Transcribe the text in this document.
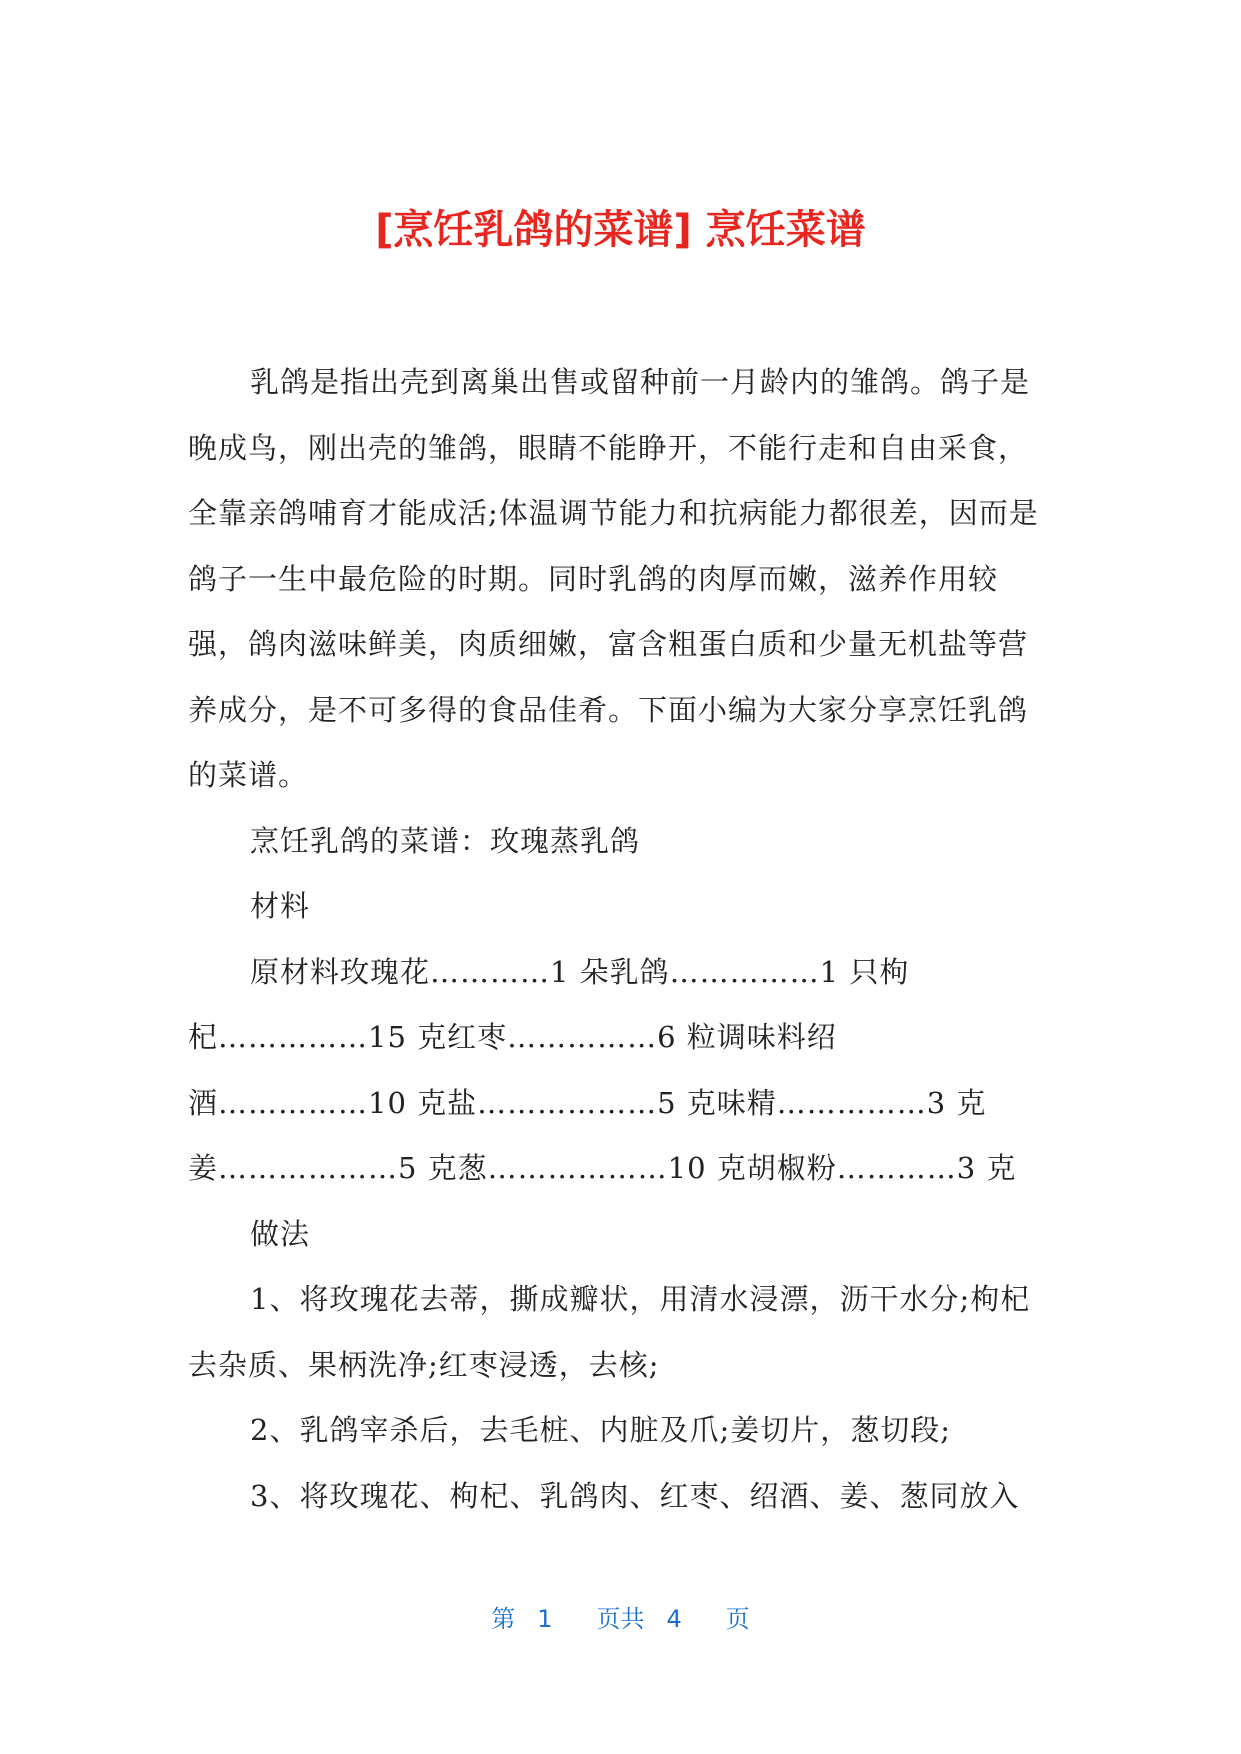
[烹饪乳鸽的菜谱] 烹饪菜谱

乳鸽是指出壳到离巢出售或留种前一月龄内的雏鸽。鸽子是晚成鸟，刚出壳的雏鸽，眼睛不能睁开，不能行走和自由采食，全靠亲鸽哺育才能成活;体温调节能力和抗病能力都很差，因而是鸽子一生中最危险的时期。同时乳鸽的肉厚而嫩，滋养作用较强，鸽肉滋味鲜美，肉质细嫩，富含粗蛋白质和少量无机盐等营养成分，是不可多得的食品佳肴。下面小编为大家分享烹饪乳鸽的菜谱。

烹饪乳鸽的菜谱：玫瑰蒸乳鸽

材料

原材料玫瑰花…………1 朵乳鸽……………1 只枸

杞……………15 克红枣……………6 粒调味料绍

酒……………10 克盐………………5 克味精……………3 克

姜………………5 克葱………………10 克胡椒粉…………3 克

做法

1、将玫瑰花去蒂，撕成瓣状，用清水浸漂，沥干水分;枸杞去杂质、果柄洗净;红枣浸透，去核;

2、乳鸽宰杀后，去毛桩、内脏及爪;姜切片，葱切段;

3、将玫瑰花、枸杞、乳鸽肉、红枣、绍酒、姜、葱同放入

第 1 页共 4 页
